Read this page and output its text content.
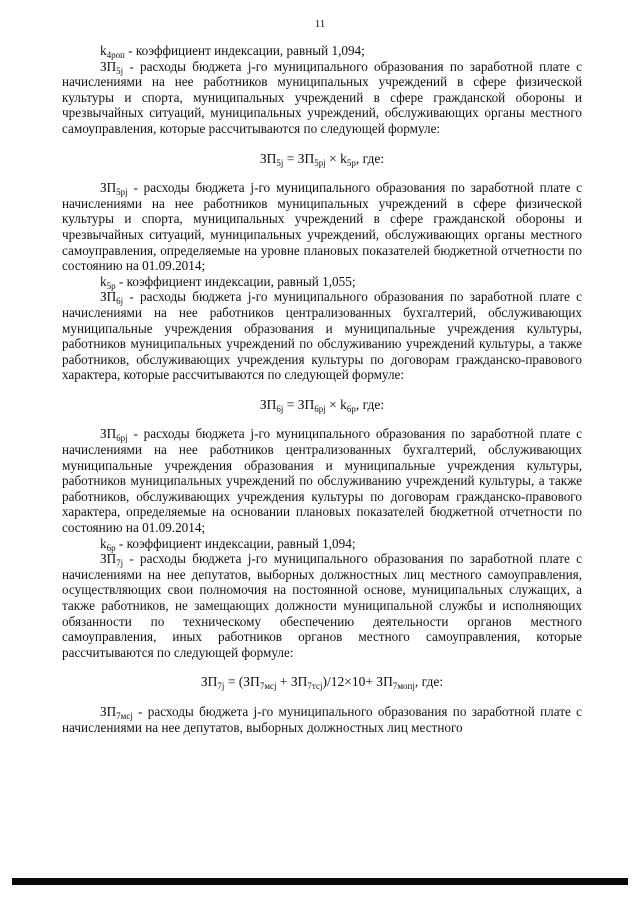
11

$k_{4poп}$ - коэффициент индексации, равный 1,094;

$ЗП_{5j}$ - расходы бюджета j-го муниципального образования по заработной плате с начислениями на нее работников муниципальных учреждений в сфере физической культуры и спорта, муниципальных учреждений в сфере гражданской обороны и чрезвычайных ситуаций, муниципальных учреждений, обслуживающих органы местного самоуправления, которые рассчитываются по следующей формуле:

$ЗП_{5j} = ЗП_{5pj} \times k_{5p}$, где:

$ЗП_{5pj}$ - расходы бюджета j-го муниципального образования по заработной плате с начислениями на нее работников муниципальных учреждений в сфере физической культуры и спорта, муниципальных учреждений в сфере гражданской обороны и чрезвычайных ситуаций, муниципальных учреждений, обслуживающих органы местного самоуправления, определяемые на уровне плановых показателей бюджетной отчетности по состоянию на 01.09.2014;

$k_{5p}$ - коэффициент индексации, равный 1,055;

$ЗП_{6j}$ - расходы бюджета j-го муниципального образования по заработной плате с начислениями на нее работников централизованных бухгалтерий, обслуживающих муниципальные учреждения образования и муниципальные учреждения культуры, работников муниципальных учреждений по обслуживанию учреждений культуры, а также работников, обслуживающих учреждения культуры по договорам гражданско-правового характера, которые рассчитываются по следующей формуле:

$ЗП_{6j} = ЗП_{6pj} \times k_{6p}$, где:

$ЗП_{6pj}$ - расходы бюджета j-го муниципального образования по заработной плате с начислениями на нее работников централизованных бухгалтерий, обслуживающих муниципальные учреждения образования и муниципальные учреждения культуры, работников муниципальных учреждений по обслуживанию учреждений культуры, а также работников, обслуживающих учреждения культуры по договорам гражданско-правового характера, определяемые на основании плановых показателей бюджетной отчетности по состоянию на 01.09.2014;

$k_{6p}$ - коэффициент индексации, равный 1,094;

$ЗП_{7j}$ - расходы бюджета j-го муниципального образования по заработной плате с начислениями на нее депутатов, выборных должностных лиц местного самоуправления, осуществляющих свои полномочия на постоянной основе, муниципальных служащих, а также работников, не замещающих должности муниципальной службы и исполняющих обязанности по техническому обеспечению деятельности органов местного самоуправления, иных работников органов местного самоуправления, которые рассчитываются по следующей формуле:

$ЗП_{7j} = (ЗП_{7мсj} + ЗП_{7тсj})/12\times 10+ ЗП_{7мопj}$, где:

$ЗП_{7мсj}$ - расходы бюджета j-го муниципального образования по заработной плате с начислениями на нее депутатов, выборных должностных лиц местного
